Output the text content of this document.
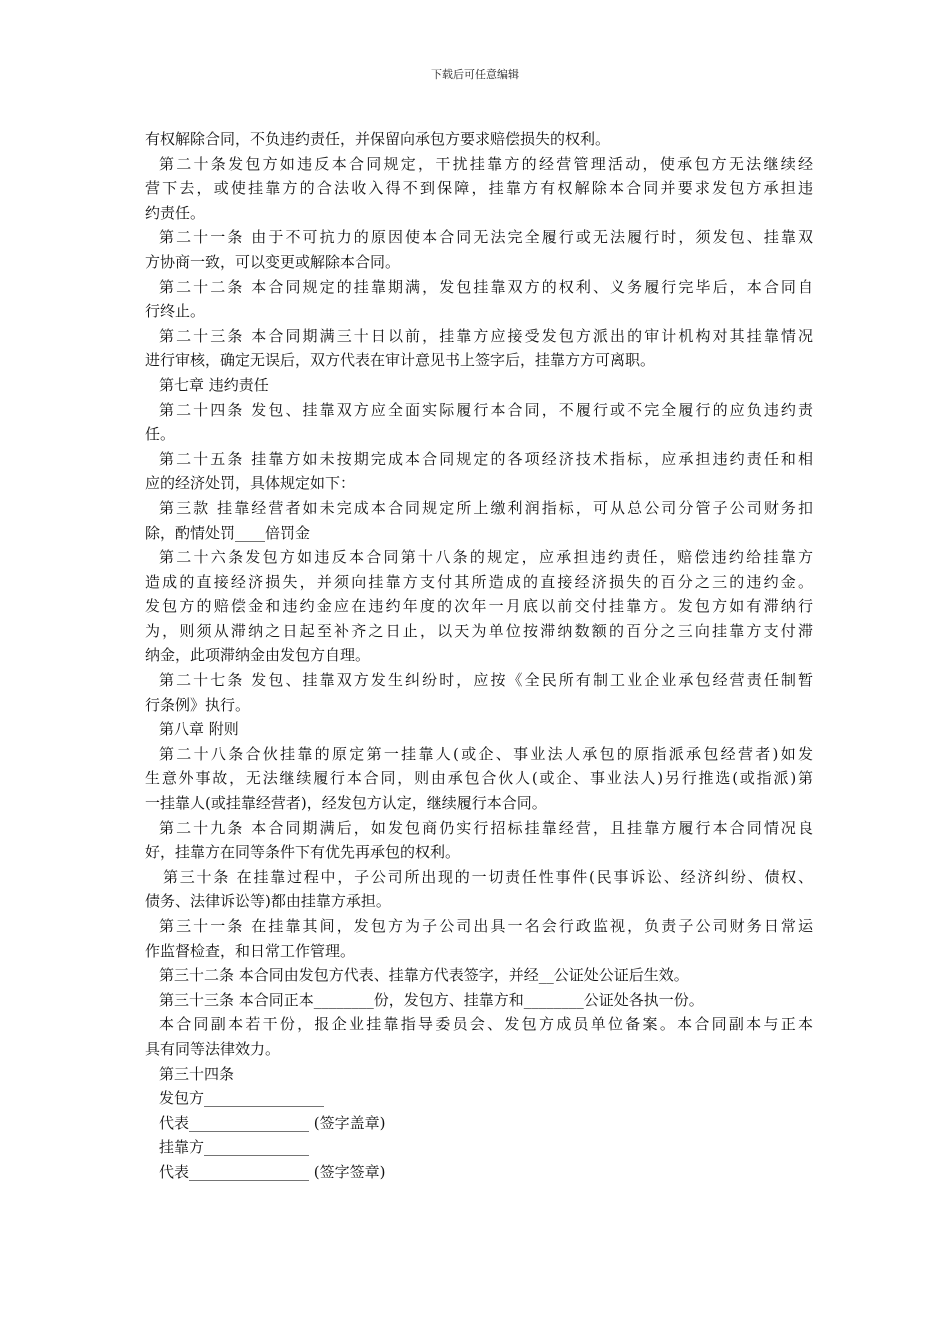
下载后可任意编辑
有权解除合同，不负违约责任，并保留向承包方要求赔偿损失的权利。
第二十条发包方如违反本合同规定，干扰挂靠方的经营管理活动，使承包方无法继续经
营下去，或使挂靠方的合法收入得不到保障，挂靠方有权解除本合同并要求发包方承担违
约责任。
第二十一条 由于不可抗力的原因使本合同无法完全履行或无法履行时，须发包、挂靠双
方协商一致，可以变更或解除本合同。
第二十二条 本合同规定的挂靠期满，发包挂靠双方的权利、义务履行完毕后，本合同自
行终止。
第二十三条 本合同期满三十日以前，挂靠方应接受发包方派出的审计机构对其挂靠情况
进行审核，确定无误后，双方代表在审计意见书上签字后，挂靠方方可离职。
第七章 违约责任
第二十四条 发包、挂靠双方应全面实际履行本合同，不履行或不完全履行的应负违约责
任。
第二十五条 挂靠方如未按期完成本合同规定的各项经济技术指标，应承担违约责任和相
应的经济处罚，具体规定如下：
第三款 挂靠经营者如未完成本合同规定所上缴利润指标，可从总公司分管子公司财务扣
除，酌情处罚____倍罚金
第二十六条发包方如违反本合同第十八条的规定，应承担违约责任，赔偿违约给挂靠方
造成的直接经济损失，并须向挂靠方支付其所造成的直接经济损失的百分之三的违约金。
发包方的赔偿金和违约金应在违约年度的次年一月底以前交付挂靠方。发包方如有滞纳行
为，则须从滞纳之日起至补齐之日止，以天为单位按滞纳数额的百分之三向挂靠方支付滞
纳金，此项滞纳金由发包方自理。
第二十七条 发包、挂靠双方发生纠纷时，应按《全民所有制工业企业承包经营责任制暂
行条例》执行。
第八章 附则
第二十八条合伙挂靠的原定第一挂靠人(或企、事业法人承包的原指派承包经营者)如发
生意外事故，无法继续履行本合同，则由承包合伙人(或企、事业法人)另行推选(或指派)第
一挂靠人(或挂靠经营者)，经发包方认定，继续履行本合同。
第二十九条 本合同期满后，如发包商仍实行招标挂靠经营，且挂靠方履行本合同情况良
好，挂靠方在同等条件下有优先再承包的权利。
第三十条 在挂靠过程中，子公司所出现的一切责任性事件(民事诉讼、经济纠纷、债权、
债务、法律诉讼等)都由挂靠方承担。
第三十一条 在挂靠其间，发包方为子公司出具一名会行政监视，负责子公司财务日常运
作监督检查，和日常工作管理。
第三十二条 本合同由发包方代表、挂靠方代表签字，并经__公证处公证后生效。
第三十三条 本合同正本________份，发包方、挂靠方和________公证处各执一份。
本合同副本若干份，报企业挂靠指导委员会、发包方成员单位备案。本合同副本与正本
具有同等法律效力。
第三十四条
发包方________________
代表________________ (签字盖章)
挂靠方______________
代表________________ (签字签章)
